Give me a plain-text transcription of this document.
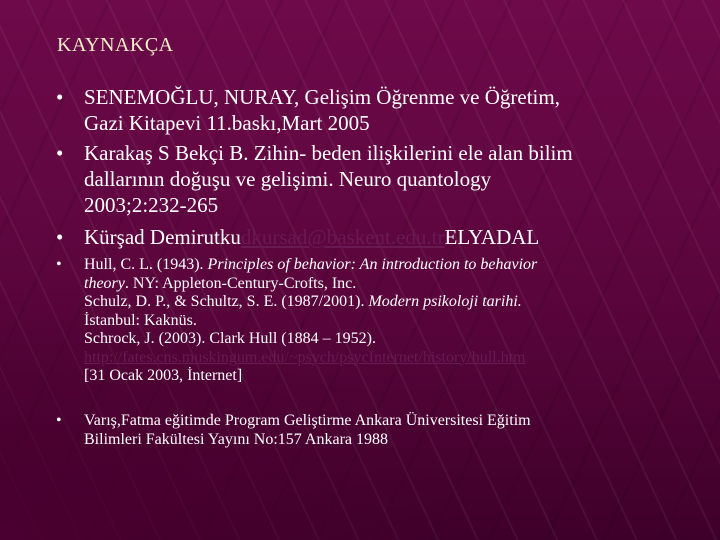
KAYNAKÇA
• SENEMOĞLU, NURAY, Gelişim Öğrenme ve Öğretim,
Gazi Kitapevi 11.baskı,Mart 2005
• Karakaş S Bekçi B. Zihin- beden ilişkilerini ele alan bilim
dallarının doğuşu ve gelişimi. Neuro quantology
2003;2:232-265
• Kürşad Demirutkudkursad@baskent.edu.trELYADAL
• Hull, C. L. (1943). Principles of behavior: An introduction to behavior
theory. NY: Appleton-Century-Crofts, Inc.
Schulz, D. P., & Schultz, S. E. (1987/2001). Modern psikoloji tarihi.
İstanbul: Kaknüs.
Schrock, J. (2003). Clark Hull (1884 – 1952).
http://fates.cns.muskingum.edu/~psych/psycInternet/history/hull.htm
[31 Ocak 2003, İnternet]
• Varış,Fatma eğitimde Program Geliştirme Ankara Üniversitesi Eğitim
Bilimleri Fakültesi Yayını No:157 Ankara 1988
